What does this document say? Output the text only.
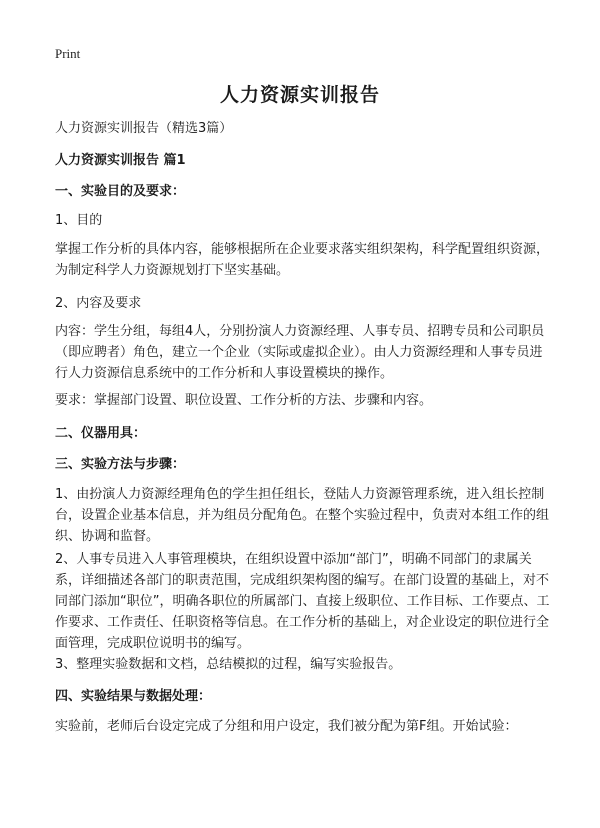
Print
人力资源实训报告

人力资源实训报告（精选3篇）

人力资源实训报告 篇1

一、实验目的及要求：

1、目的

掌握工作分析的具体内容，能够根据所在企业要求落实组织架构，科学配置组织资源，为制定科学人力资源规划打下坚实基础。

2、内容及要求

内容：学生分组，每组4人，分别扮演人力资源经理、人事专员、招聘专员和公司职员（即应聘者）角色，建立一个企业（实际或虚拟企业）。由人力资源经理和人事专员进行人力资源信息系统中的工作分析和人事设置模块的操作。

要求：掌握部门设置、职位设置、工作分析的方法、步骤和内容。

二、仪器用具：

三、实验方法与步骤：

1、由扮演人力资源经理角色的学生担任组长，登陆人力资源管理系统，进入组长控制台，设置企业基本信息，并为组员分配角色。在整个实验过程中，负责对本组工作的组织、协调和监督。

2、人事专员进入人事管理模块，在组织设置中添加“部门”，明确不同部门的隶属关系，详细描述各部门的职责范围，完成组织架构图的编写。在部门设置的基础上，对不同部门添加“职位”，明确各职位的所属部门、直接上级职位、工作目标、工作要点、工作要求、工作责任、任职资格等信息。在工作分析的基础上，对企业设定的职位进行全面管理，完成职位说明书的编写。

3、整理实验数据和文档，总结模拟的过程，编写实验报告。

四、实验结果与数据处理：

实验前，老师后台设定完成了分组和用户设定，我们被分配为第F组。开始试验：
